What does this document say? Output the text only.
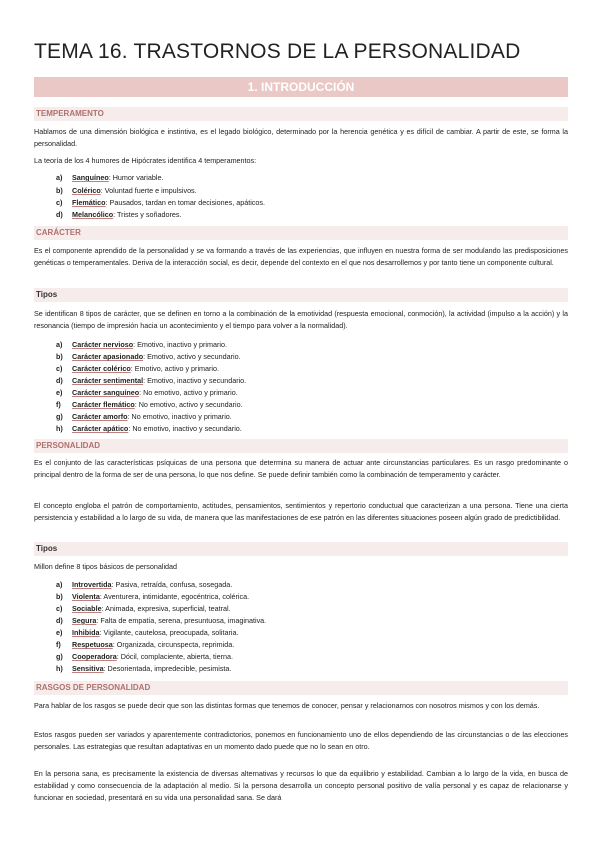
TEMA 16. TRASTORNOS DE LA PERSONALIDAD
1. INTRODUCCIÓN
TEMPERAMENTO
Hablamos de una dimensión biológica e instintiva, es el legado biológico, determinado por la herencia genética y es difícil de cambiar. A partir de este, se forma la personalidad.
La teoría de los 4 humores de Hipócrates identifica 4 temperamentos:
a) Sanguíneo: Humor variable.
b) Colérico: Voluntad fuerte e impulsivos.
c) Flemático: Pausados, tardan en tomar decisiones, apáticos.
d) Melancólico: Tristes y soñadores.
CARÁCTER
Es el componente aprendido de la personalidad y se va formando a través de las experiencias, que influyen en nuestra forma de ser modulando las predisposiciones genéticas o temperamentales. Deriva de la interacción social, es decir, depende del contexto en el que nos desarrollemos y por tanto tiene un componente cultural.
Tipos
Se identifican 8 tipos de carácter, que se definen en torno a la combinación de la emotividad (respuesta emocional, conmoción), la actividad (impulso a la acción) y la resonancia (tiempo de impresión hacia un acontecimiento y el tiempo para volver a la normalidad).
a) Carácter nervioso: Emotivo, inactivo y primario.
b) Carácter apasionado: Emotivo, activo y secundario.
c) Carácter colérico: Emotivo, activo y primario.
d) Carácter sentimental: Emotivo, inactivo y secundario.
e) Carácter sanguíneo: No emotivo, activo y primario.
f) Carácter flemático: No emotivo, activo y secundario.
g) Carácter amorfo: No emotivo, inactivo y primario.
h) Carácter apático: No emotivo, inactivo y secundario.
PERSONALIDAD
Es el conjunto de las características psíquicas de una persona que determina su manera de actuar ante circunstancias particulares. Es un rasgo predominante o principal dentro de la forma de ser de una persona, lo que nos define. Se puede definir también como la combinación de temperamento y carácter.
El concepto engloba el patrón de comportamiento, actitudes, pensamientos, sentimientos y repertorio conductual que caracterizan a una persona. Tiene una cierta persistencia y estabilidad a lo largo de su vida, de manera que las manifestaciones de ese patrón en las diferentes situaciones poseen algún grado de predictibilidad.
Tipos
Millon define 8 tipos básicos de personalidad
a) Introvertida: Pasiva, retraída, confusa, sosegada.
b) Violenta: Aventurera, intimidante, egocéntrica, colérica.
c) Sociable: Animada, expresiva, superficial, teatral.
d) Segura: Falta de empatía, serena, presuntuosa, imaginativa.
e) Inhibida: Vigilante, cautelosa, preocupada, solitaria.
f) Respetuosa: Organizada, circunspecta, reprimida.
g) Cooperadora: Dócil, complaciente, abierta, tierna.
h) Sensitiva: Desorientada, impredecible, pesimista.
RASGOS DE PERSONALIDAD
Para hablar de los rasgos se puede decir que son las distintas formas que tenemos de conocer, pensar y relacionarnos con nosotros mismos y con los demás.
Estos rasgos pueden ser variados y aparentemente contradictorios, ponemos en funcionamiento uno de ellos dependiendo de las circunstancias o de las elecciones personales. Las estrategias que resultan adaptativas en un momento dado puede que no lo sean en otro.
En la persona sana, es precisamente la existencia de diversas alternativas y recursos lo que da equilibrio y estabilidad. Cambian a lo largo de la vida, en busca de estabilidad y como consecuencia de la adaptación al medio. Si la persona desarrolla un concepto personal positivo de valía personal y es capaz de relacionarse y funcionar en sociedad, presentará en su vida una personalidad sana. Se dará
